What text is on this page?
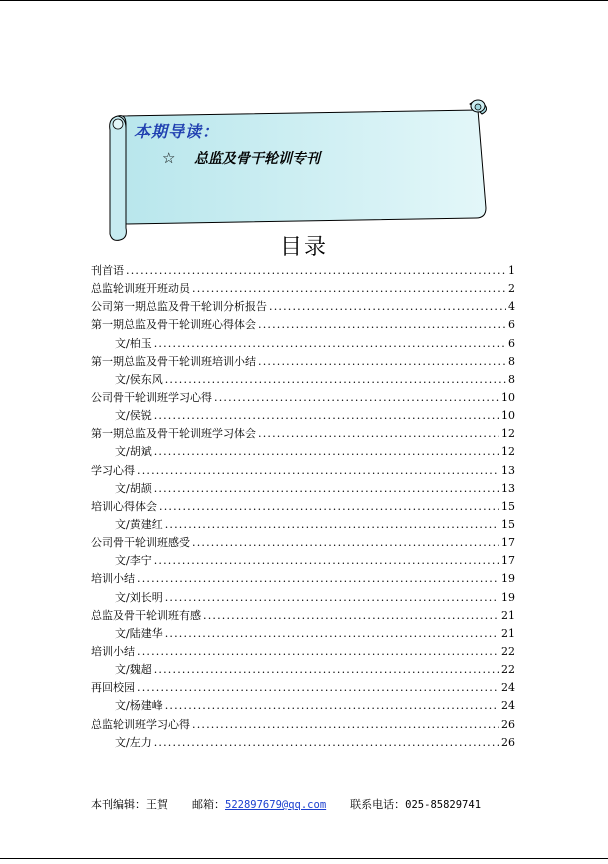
本期导读：
☆ 总监及骨干轮训专刊
目录
刊首语 .....	1
总监轮训班开班动员 .....	2
公司第一期总监及骨干轮训分析报告 .....	4
第一期总监及骨干轮训班心得体会 .....	6
文/柏玉 .....	6
第一期总监及骨干轮训班培训小结 .....	8
文/侯东风 .....	8
公司骨干轮训班学习心得 .....	10
文/侯锐 .....	10
第一期总监及骨干轮训班学习体会 .....	12
文/胡斌 .....	12
学习心得 .....	13
文/胡颉 .....	13
培训心得体会 .....	15
文/黄建红 .....	15
公司骨干轮训班感受 .....	17
文/李宁 .....	17
培训小结 .....	19
文/刘长明 .....	19
总监及骨干轮训班有感 .....	21
文/陆建华 .....	21
培训小结 .....	22
文/魏超 .....	22
再回校园 .....	24
文/杨建峰 .....	24
总监轮训班学习心得 .....	26
文/左力 .....	26
本刊编辑：王賀 邮箱：522897679@qq.com 联系电话：025-85829741
